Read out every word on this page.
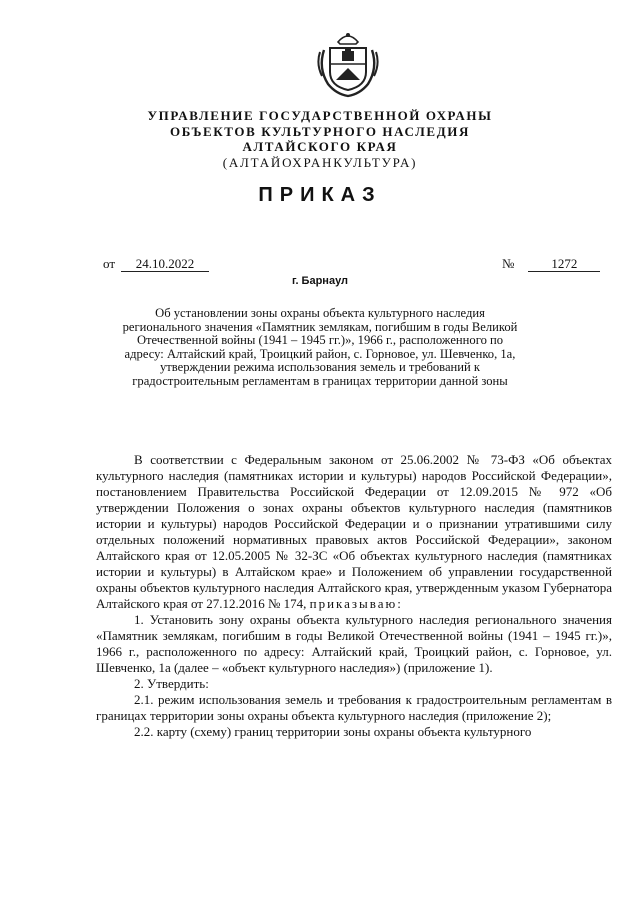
УПРАВЛЕНИЕ ГОСУДАРСТВЕННОЙ ОХРАНЫ
ОБЪЕКТОВ КУЛЬТУРНОГО НАСЛЕДИЯ
АЛТАЙСКОГО КРАЯ
(АЛТАЙОХРАНКУЛЬТУРА)
ПРИКАЗ
от 24.10.2022	№	1272
г. Барнаул
Об установлении зоны охраны объекта культурного наследия регионального значения «Памятник землякам, погибшим в годы Великой Отечественной войны (1941 – 1945 гг.)», 1966 г., расположенного по адресу: Алтайский край, Троицкий район, с. Горновое, ул. Шевченко, 1а, утверждении режима использования земель и требований к градостроительным регламентам в границах территории данной зоны

В соответствии с Федеральным законом от 25.06.2002 № 73-ФЗ «Об объектах культурного наследия (памятниках истории и культуры) народов Российской Федерации», постановлением Правительства Российской Федерации от 12.09.2015 № 972 «Об утверждении Положения о зонах охраны объектов культурного наследия (памятников истории и культуры) народов Российской Федерации и о признании утратившими силу отдельных положений нормативных правовых актов Российской Федерации», законом Алтайского края от 12.05.2005 № 32-ЗС «Об объектах культурного наследия (памятниках истории и культуры) в Алтайском крае» и Положением об управлении государственной охраны объектов культурного наследия Алтайского края, утвержденным указом Губернатора Алтайского края от 27.12.2016 № 174, приказываю:

1. Установить зону охраны объекта культурного наследия регионального значения «Памятник землякам, погибшим в годы Великой Отечественной войны (1941 – 1945 гг.)», 1966 г., расположенного по адресу: Алтайский край, Троицкий район, с. Горновое, ул. Шевченко, 1а (далее – «объект культурного наследия») (приложение 1).

2. Утвердить:

2.1. режим использования земель и требования к градостроительным регламентам в границах территории зоны охраны объекта культурного наследия (приложение 2);

2.2. карту (схему) границ территории зоны охраны объекта культурного
